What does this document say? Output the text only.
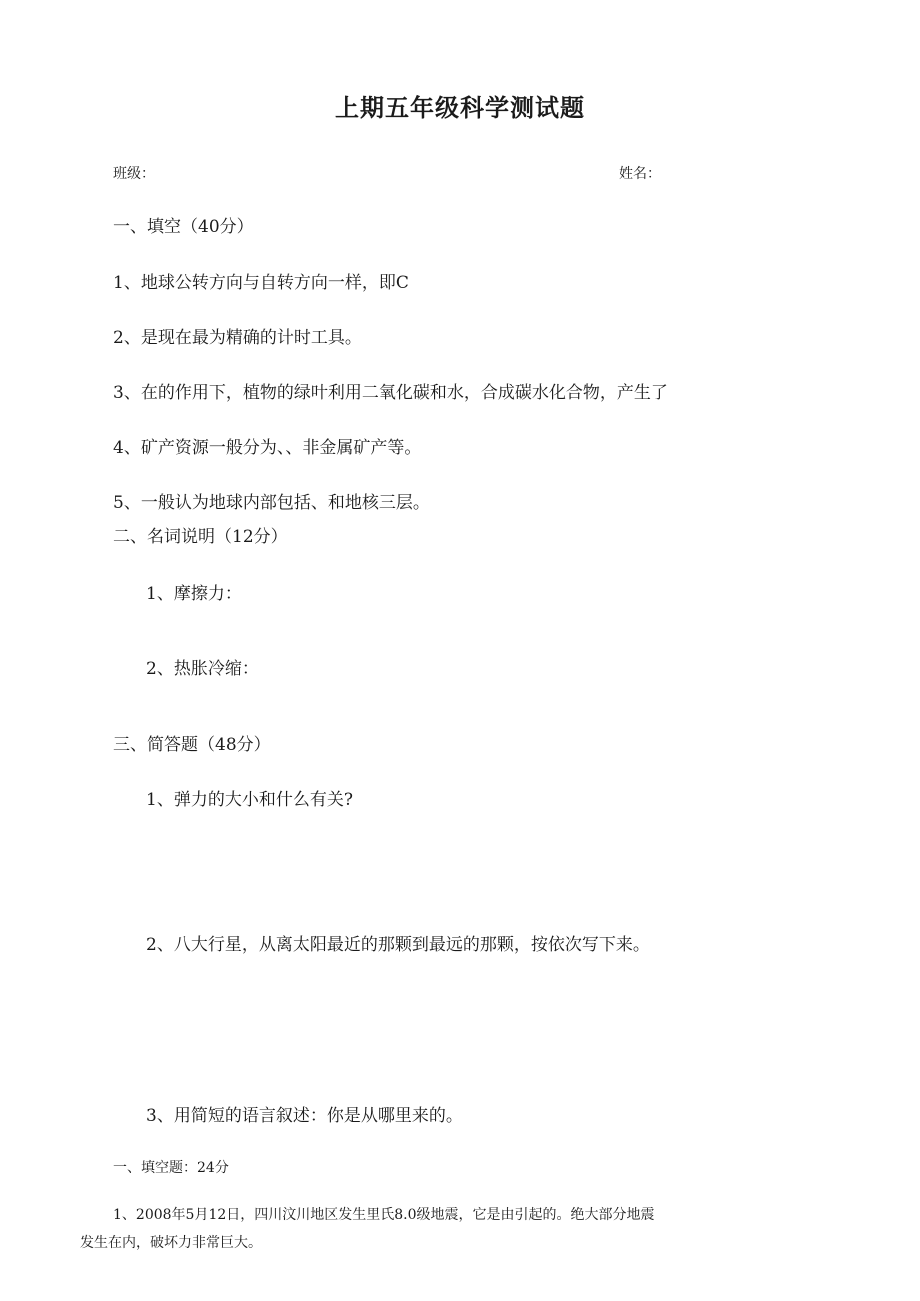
上期五年级科学测试题
班级：	姓名：
一、填空（40分）
1、地球公转方向与自转方向一样，即C
2、是现在最为精确的计时工具。
3、在的作用下，植物的绿叶利用二氧化碳和水，合成碳水化合物，产生了
4、矿产资源一般分为、、非金属矿产等。
5、一般认为地球内部包括、和地核三层。
二、名词说明（12分）
1、摩擦力：
2、热胀冷缩：
三、简答题（48分）
1、弹力的大小和什么有关?
2、八大行星，从离太阳最近的那颗到最远的那颗，按依次写下来。
3、用简短的语言叙述：你是从哪里来的。
一、填空题：24分
1、2008年5月12日，四川汶川地区发生里氏8.0级地震，它是由引起的。绝大部分地震
发生在内，破坏力非常巨大。
